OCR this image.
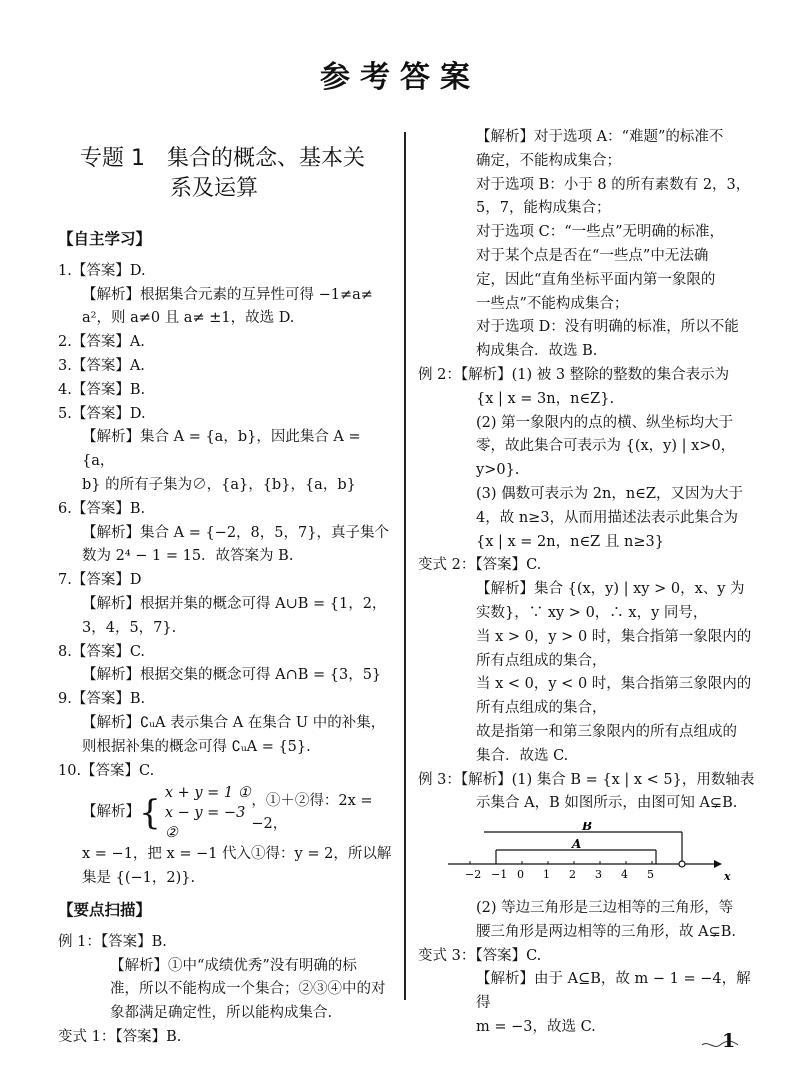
参考答案
专题 1　集合的概念、基本关
系及运算
【自主学习】
1.【答案】D.
【解析】根据集合元素的互异性可得 −1≠a≠
a²，则 a≠0 且 a≠ ±1，故选 D.
2.【答案】A.
3.【答案】A.
4.【答案】B.
5.【答案】D.
【解析】集合 A = {a，b}，因此集合 A = {a，
b} 的所有子集为∅，{a}，{b}，{a，b}
6.【答案】B.
【解析】集合 A = {−2，8，5，7}，真子集个
数为 2⁴ − 1 = 15．故答案为 B.
7.【答案】D
【解析】根据并集的概念可得 A∪B = {1，2，
3，4，5，7}.
8.【答案】C.
【解析】根据交集的概念可得 A∩B = {3，5}
9.【答案】B.
【解析】∁ᵤA 表示集合 A 在集合 U 中的补集，
则根据补集的概念可得 ∁ᵤA = {5}.
10.【答案】C.
【解析】 { x + y = 1 ①
x − y = −3 ②
，①＋②得：2x = −2，
x = −1，把 x = −1 代入①得：y = 2，所以解
集是 {(−1，2)}.
【要点扫描】
例 1：【答案】B.
【解析】①中“成绩优秀”没有明确的标
准，所以不能构成一个集合；②③④中的对
象都满足确定性，所以能构成集合.
变式 1：【答案】B.
【解析】对于选项 A：“难题”的标准不
确定，不能构成集合；
对于选项 B：小于 8 的所有素数有 2，3，
5，7，能构成集合；
对于选项 C：“一些点”无明确的标准，
对于某个点是否在“一些点”中无法确
定，因此“直角坐标平面内第一象限的
一些点”不能构成集合；
对于选项 D：没有明确的标准，所以不能
构成集合．故选 B.
例 2：【解析】(1) 被 3 整除的整数的集合表示为
{x | x = 3n，n∈Z}.
(2) 第一象限内的点的横、纵坐标均大于
零，故此集合可表示为 {(x，y) | x>0，
y>0}.
(3) 偶数可表示为 2n，n∈Z，又因为大于
4，故 n≥3，从而用描述法表示此集合为
{x | x = 2n，n∈Z 且 n≥3}
变式 2：【答案】C.
【解析】集合 {(x，y) | xy > 0，x、y 为
实数}，∵ xy > 0，∴ x，y 同号，
当 x > 0，y > 0 时，集合指第一象限内的
所有点组成的集合，
当 x < 0，y < 0 时，集合指第三象限内的
所有点组成的集合，
故是指第一和第三象限内的所有点组成的
集合．故选 C.
例 3：【解析】(1) 集合 B = {x | x < 5}，用数轴表
示集合 A，B 如图所示，由图可知 A⊊B.
B
A
x
−2 −1 0 1 2 3 4 5
(2) 等边三角形是三边相等的三角形，等
腰三角形是两边相等的三角形，故 A⊊B.
变式 3：【答案】C.
【解析】由于 A⊆B，故 m − 1 = −4，解得
m = −3，故选 C.
1
